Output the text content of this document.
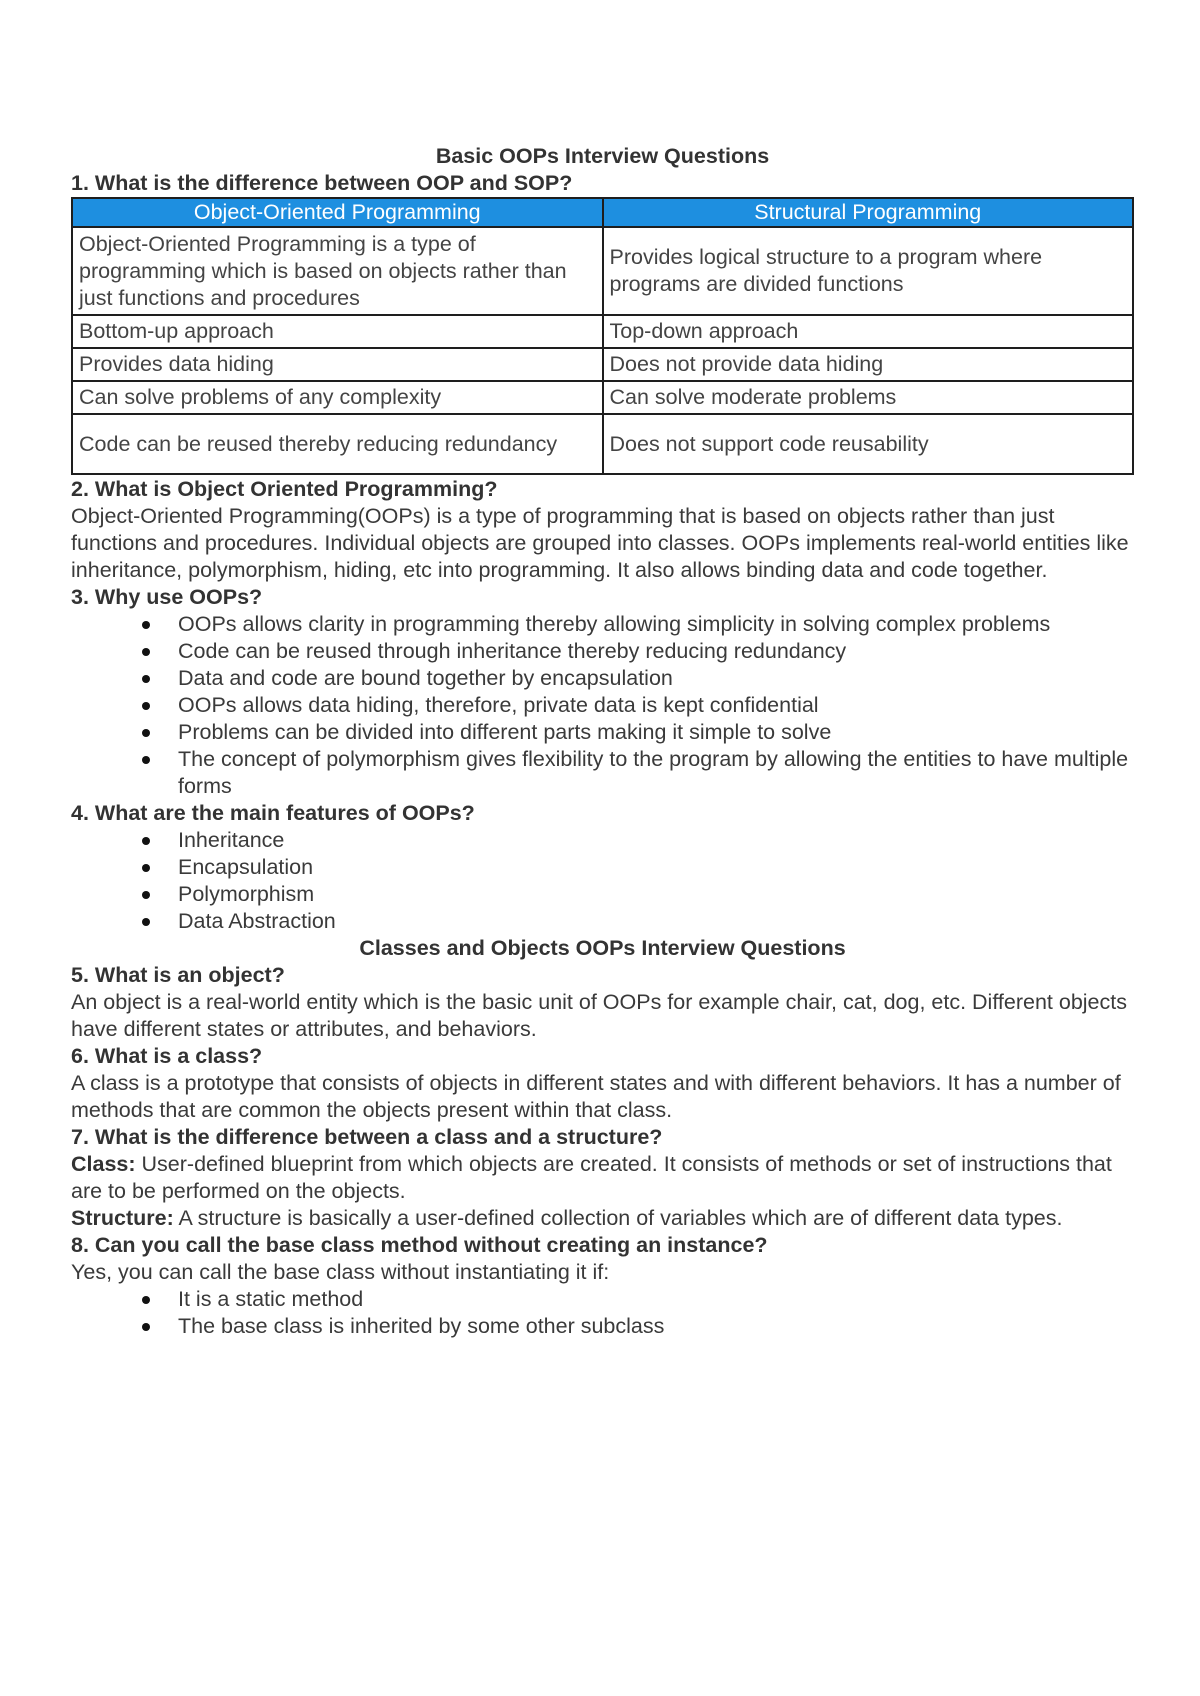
Basic OOPs Interview Questions

1. What is the difference between OOP and SOP?

Object-Oriented Programming	Structural Programming
Object-Oriented Programming is a type of programming which is based on objects rather than just functions and procedures	Provides logical structure to a program where programs are divided functions
Bottom-up approach	Top-down approach
Provides data hiding	Does not provide data hiding
Can solve problems of any complexity	Can solve moderate problems
Code can be reused thereby reducing redundancy	Does not support code reusability

2. What is Object Oriented Programming?

Object-Oriented Programming(OOPs) is a type of programming that is based on objects rather than just functions and procedures. Individual objects are grouped into classes. OOPs implements real-world entities like inheritance, polymorphism, hiding, etc into programming. It also allows binding data and code together.

3. Why use OOPs?

OOPs allows clarity in programming thereby allowing simplicity in solving complex problems
Code can be reused through inheritance thereby reducing redundancy
Data and code are bound together by encapsulation
OOPs allows data hiding, therefore, private data is kept confidential
Problems can be divided into different parts making it simple to solve
The concept of polymorphism gives flexibility to the program by allowing the entities to have multiple forms

4. What are the main features of OOPs?

Inheritance
Encapsulation
Polymorphism
Data Abstraction

Classes and Objects OOPs Interview Questions

5. What is an object?

An object is a real-world entity which is the basic unit of OOPs for example chair, cat, dog, etc. Different objects have different states or attributes, and behaviors.

6. What is a class?

A class is a prototype that consists of objects in different states and with different behaviors. It has a number of methods that are common the objects present within that class.

7. What is the difference between a class and a structure?

Class: User-defined blueprint from which objects are created. It consists of methods or set of instructions that are to be performed on the objects.

Structure: A structure is basically a user-defined collection of variables which are of different data types.

8. Can you call the base class method without creating an instance?

Yes, you can call the base class without instantiating it if:

It is a static method
The base class is inherited by some other subclass
